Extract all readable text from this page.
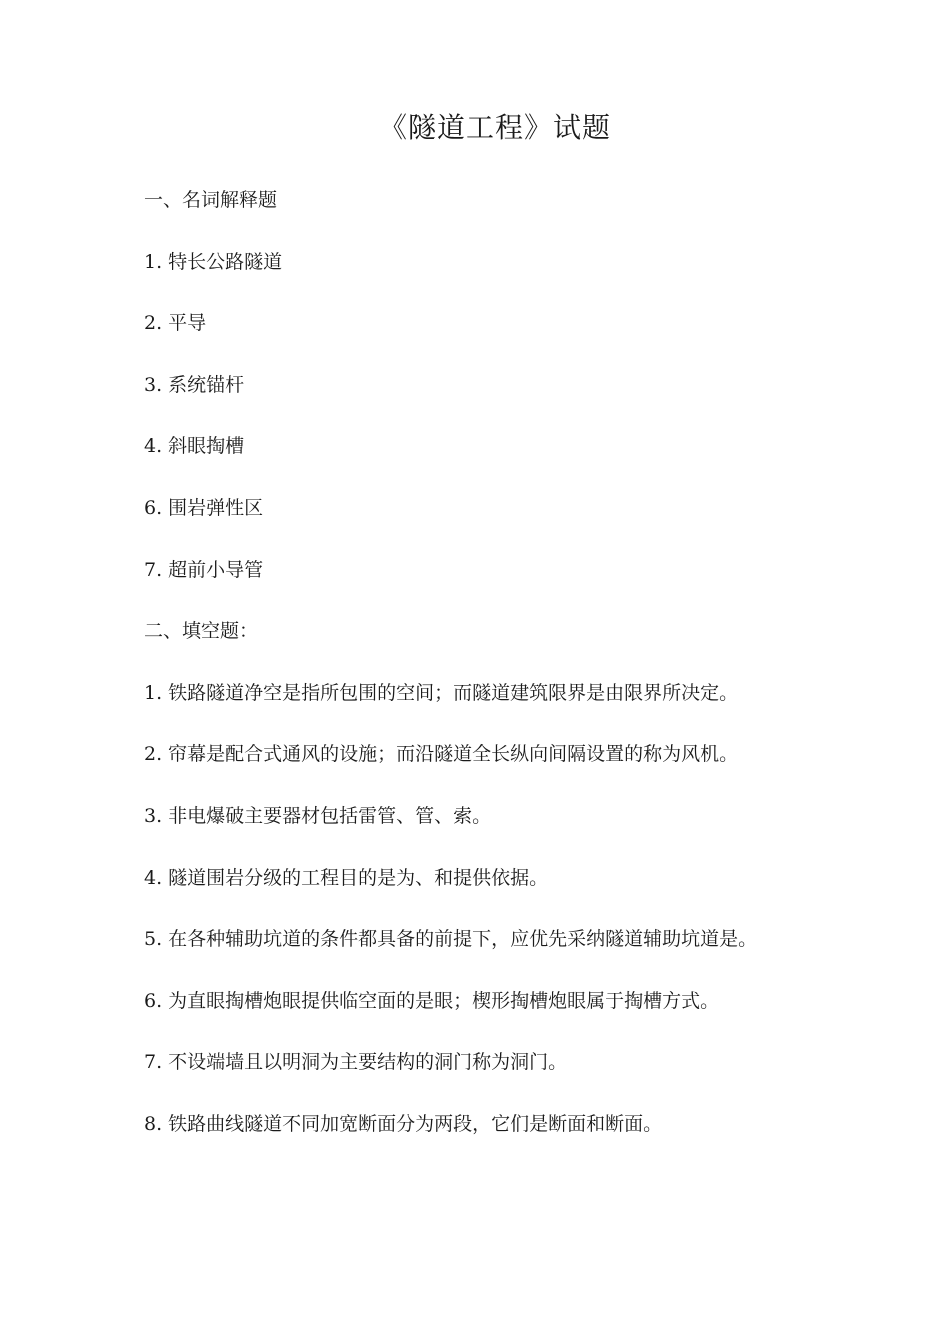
《隧道工程》试题
一、名词解释题
1. 特长公路隧道
2. 平导
3. 系统锚杆
4. 斜眼掏槽
6. 围岩弹性区
7. 超前小导管
二、填空题：
1. 铁路隧道净空是指所包围的空间；而隧道建筑限界是由限界所决定。
2. 帘幕是配合式通风的设施；而沿隧道全长纵向间隔设置的称为风机。
3. 非电爆破主要器材包括雷管、管、索。
4. 隧道围岩分级的工程目的是为、和提供依据。
5. 在各种辅助坑道的条件都具备的前提下，应优先采纳隧道辅助坑道是。
6. 为直眼掏槽炮眼提供临空面的是眼；楔形掏槽炮眼属于掏槽方式。
7. 不设端墙且以明洞为主要结构的洞门称为洞门。
8. 铁路曲线隧道不同加宽断面分为两段，它们是断面和断面。
